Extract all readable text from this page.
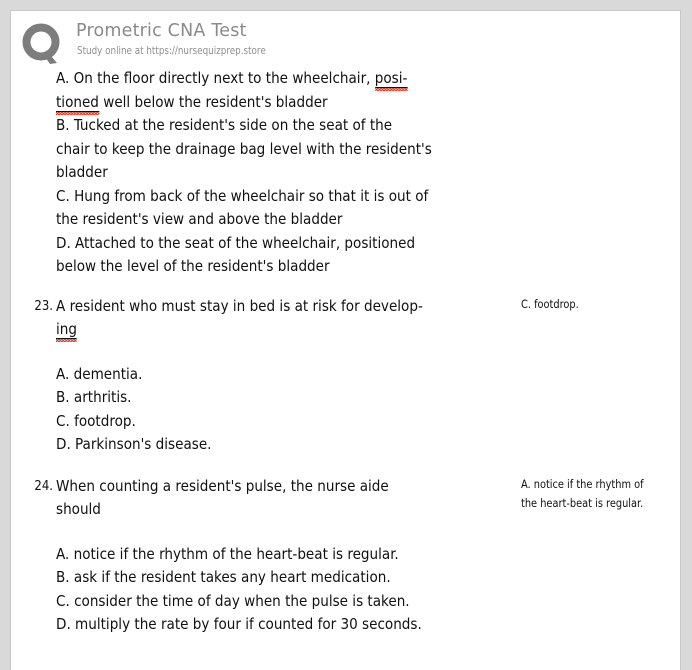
Prometric CNA Test
Study online at https://nursequizprep.store
A. On the floor directly next to the wheelchair, posi-
tioned well below the resident's bladder
B. Tucked at the resident's side on the seat of the
chair to keep the drainage bag level with the resident's
bladder
C. Hung from back of the wheelchair so that it is out of
the resident's view and above the bladder
D. Attached to the seat of the wheelchair, positioned
below the level of the resident's bladder
23. A resident who must stay in bed is at risk for develop-
ing
A. dementia.
B. arthritis.
C. footdrop.
D. Parkinson's disease.
C. footdrop.
24. When counting a resident's pulse, the nurse aide
should
A. notice if the rhythm of the heart-beat is regular.
B. ask if the resident takes any heart medication.
C. consider the time of day when the pulse is taken.
D. multiply the rate by four if counted for 30 seconds.
A. notice if the rhythm of
the heart-beat is regular.
